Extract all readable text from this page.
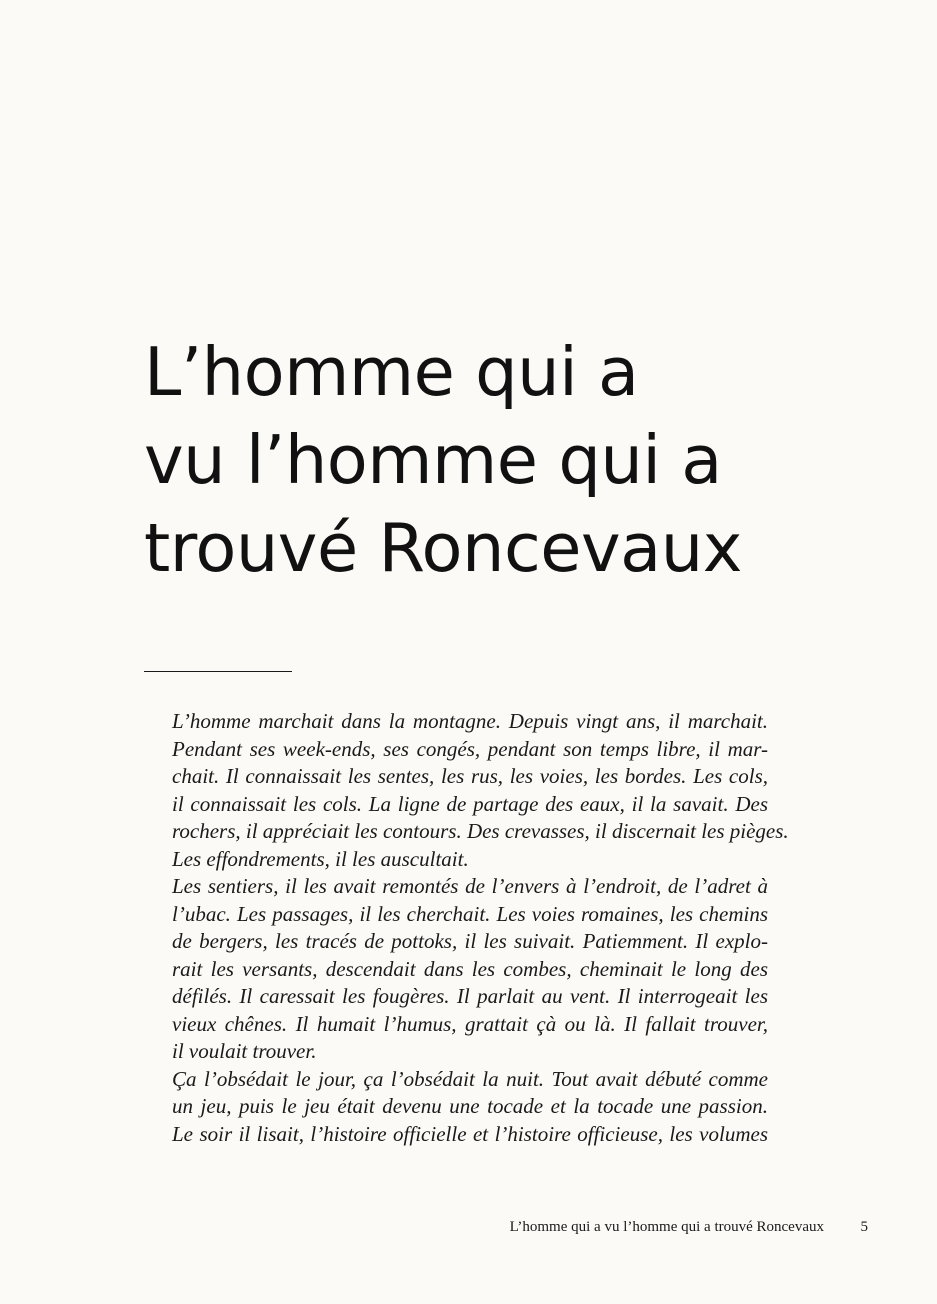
L’homme qui a
vu l’homme qui a
trouvé Roncevaux
L’homme marchait dans la montagne. Depuis vingt ans, il marchait.
Pendant ses week-ends, ses congés, pendant son temps libre, il mar-
chait. Il connaissait les sentes, les rus, les voies, les bordes. Les cols,
il connaissait les cols. La ligne de partage des eaux, il la savait. Des
rochers, il appréciait les contours. Des crevasses, il discernait les pièges.
Les effondrements, il les auscultait.
Les sentiers, il les avait remontés de l’envers à l’endroit, de l’adret à
l’ubac. Les passages, il les cherchait. Les voies romaines, les chemins
de bergers, les tracés de pottoks, il les suivait. Patiemment. Il explo-
rait les versants, descendait dans les combes, cheminait le long des
défilés. Il caressait les fougères. Il parlait au vent. Il interrogeait les
vieux chênes. Il humait l’humus, grattait çà ou là. Il fallait trouver,
il voulait trouver.
Ça l’obsédait le jour, ça l’obsédait la nuit. Tout avait débuté comme
un jeu, puis le jeu était devenu une tocade et la tocade une passion.
Le soir il lisait, l’histoire officielle et l’histoire officieuse, les volumes
L’homme qui a vu l’homme qui a trouvé Roncevaux 5
